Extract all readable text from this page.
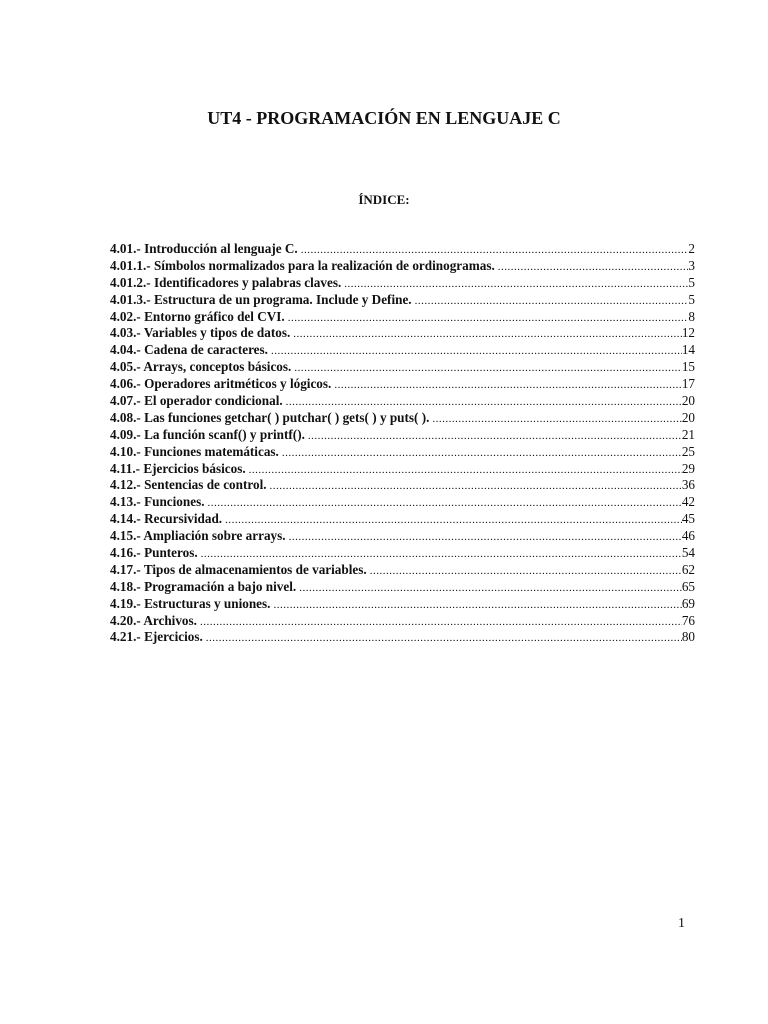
UT4 - PROGRAMACIÓN EN LENGUAJE C
ÍNDICE:
4.01.- Introducción al lenguaje C. .....	2
4.01.1.- Símbolos normalizados para la realización de ordinogramas. .....	3
4.01.2.- Identificadores y palabras claves. .....	5
4.01.3.- Estructura de un programa. Include y Define. .....	5
4.02.- Entorno gráfico del CVI. .....	8
4.03.- Variables y tipos de datos. .....	12
4.04.- Cadena de caracteres. .....	14
4.05.- Arrays, conceptos básicos. .....	15
4.06.- Operadores aritméticos y lógicos. .....	17
4.07.- El operador condicional. .....	20
4.08.- Las funciones getchar( ) putchar( ) gets( ) y puts( ). .....	20
4.09.- La función scanf() y printf(). .....	21
4.10.- Funciones matemáticas. .....	25
4.11.- Ejercicios básicos. .....	29
4.12.- Sentencias de control. .....	36
4.13.- Funciones. .....	42
4.14.- Recursividad. .....	45
4.15.- Ampliación sobre arrays. .....	46
4.16.- Punteros. .....	54
4.17.- Tipos de almacenamientos de variables. .....	62
4.18.- Programación a bajo nivel. .....	65
4.19.- Estructuras y uniones. .....	69
4.20.- Archivos. .....	76
4.21.- Ejercicios. .....	80
1
